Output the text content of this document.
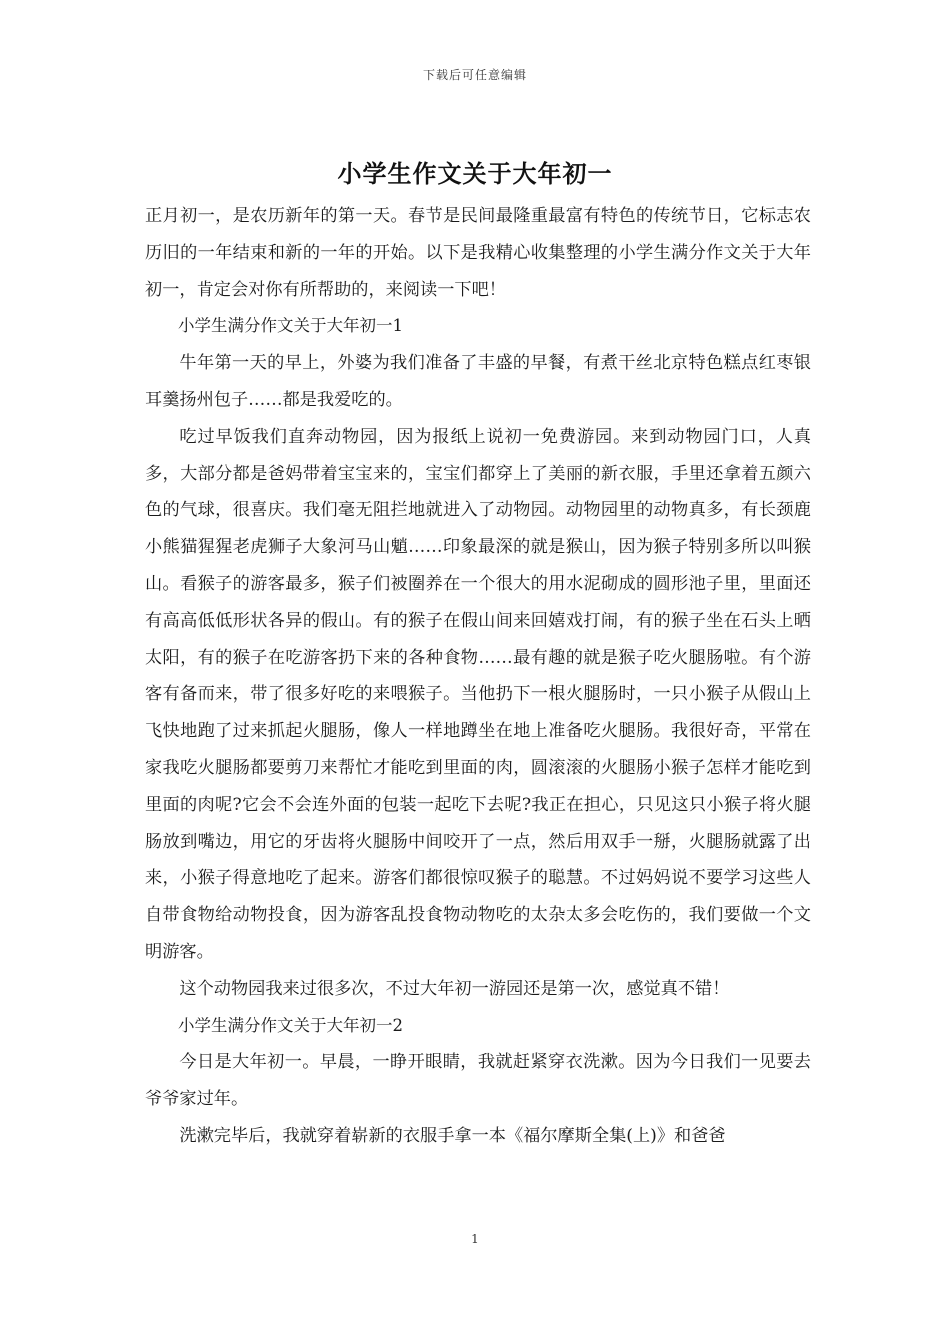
下载后可任意编辑
小学生作文关于大年初一

正月初一，是农历新年的第一天。春节是民间最隆重最富有特色的传统节日，它标志农历旧的一年结束和新的一年的开始。以下是我精心收集整理的小学生满分作文关于大年初一，肯定会对你有所帮助的，来阅读一下吧！

小学生满分作文关于大年初一1

牛年第一天的早上，外婆为我们准备了丰盛的早餐，有煮干丝北京特色糕点红枣银耳羹扬州包子……都是我爱吃的。

吃过早饭我们直奔动物园，因为报纸上说初一免费游园。来到动物园门口，人真多，大部分都是爸妈带着宝宝来的，宝宝们都穿上了美丽的新衣服，手里还拿着五颜六色的气球，很喜庆。我们毫无阻拦地就进入了动物园。动物园里的动物真多，有长颈鹿小熊猫猩猩老虎狮子大象河马山魈……印象最深的就是猴山，因为猴子特别多所以叫猴山。看猴子的游客最多，猴子们被圈养在一个很大的用水泥砌成的圆形池子里，里面还有高高低低形状各异的假山。有的猴子在假山间来回嬉戏打闹，有的猴子坐在石头上晒太阳，有的猴子在吃游客扔下来的各种食物……最有趣的就是猴子吃火腿肠啦。有个游客有备而来，带了很多好吃的来喂猴子。当他扔下一根火腿肠时，一只小猴子从假山上飞快地跑了过来抓起火腿肠，像人一样地蹲坐在地上准备吃火腿肠。我很好奇，平常在家我吃火腿肠都要剪刀来帮忙才能吃到里面的肉，圆滚滚的火腿肠小猴子怎样才能吃到里面的肉呢?它会不会连外面的包装一起吃下去呢?我正在担心，只见这只小猴子将火腿肠放到嘴边，用它的牙齿将火腿肠中间咬开了一点，然后用双手一掰，火腿肠就露了出来，小猴子得意地吃了起来。游客们都很惊叹猴子的聪慧。不过妈妈说不要学习这些人自带食物给动物投食，因为游客乱投食物动物吃的太杂太多会吃伤的，我们要做一个文明游客。

这个动物园我来过很多次，不过大年初一游园还是第一次，感觉真不错！

小学生满分作文关于大年初一2

今日是大年初一。早晨，一睁开眼睛，我就赶紧穿衣洗漱。因为今日我们一见要去爷爷家过年。

洗漱完毕后，我就穿着崭新的衣服手拿一本《福尔摩斯全集(上)》和爸爸

1
